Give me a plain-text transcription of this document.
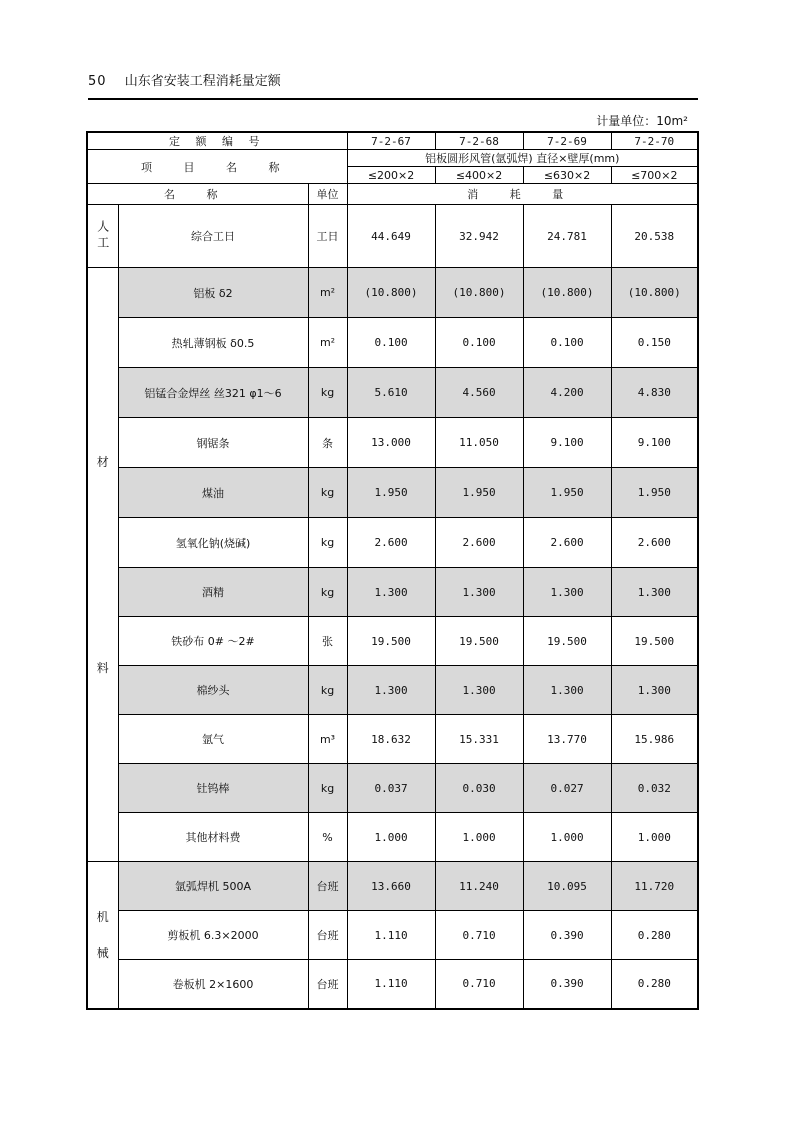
50 山东省安装工程消耗量定额
计量单位：10m²
定 额 编 号			7-2-67	7-2-68	7-2-69	7-2-70
项 目 名 称			铝板圆形风管(氩弧焊) 直径×壁厚(mm)			
			≤200×2	≤400×2	≤630×2	≤700×2
名 称		单位	消 耗 量			
人工	综合工日	工日	44.649	32.942	24.781	20.538
材
料	铝板 δ2	m²	(10.800)	(10.800)	(10.800)	(10.800)
	热轧薄钢板 δ0.5	m²	0.100	0.100	0.100	0.150
	铝锰合金焊丝 丝321 φ1～6	kg	5.610	4.560	4.200	4.830
	钢锯条	条	13.000	11.050	9.100	9.100
	煤油	kg	1.950	1.950	1.950	1.950
	氢氧化钠(烧碱)	kg	2.600	2.600	2.600	2.600
	酒精	kg	1.300	1.300	1.300	1.300
	铁砂布 0# ～2#	张	19.500	19.500	19.500	19.500
	棉纱头	kg	1.300	1.300	1.300	1.300
	氩气	m³	18.632	15.331	13.770	15.986
	钍钨棒	kg	0.037	0.030	0.027	0.032
	其他材料费	%	1.000	1.000	1.000	1.000
机
械	氩弧焊机 500A	台班	13.660	11.240	10.095	11.720
	剪板机 6.3×2000	台班	1.110	0.710	0.390	0.280
	卷板机 2×1600	台班	1.110	0.710	0.390	0.280
